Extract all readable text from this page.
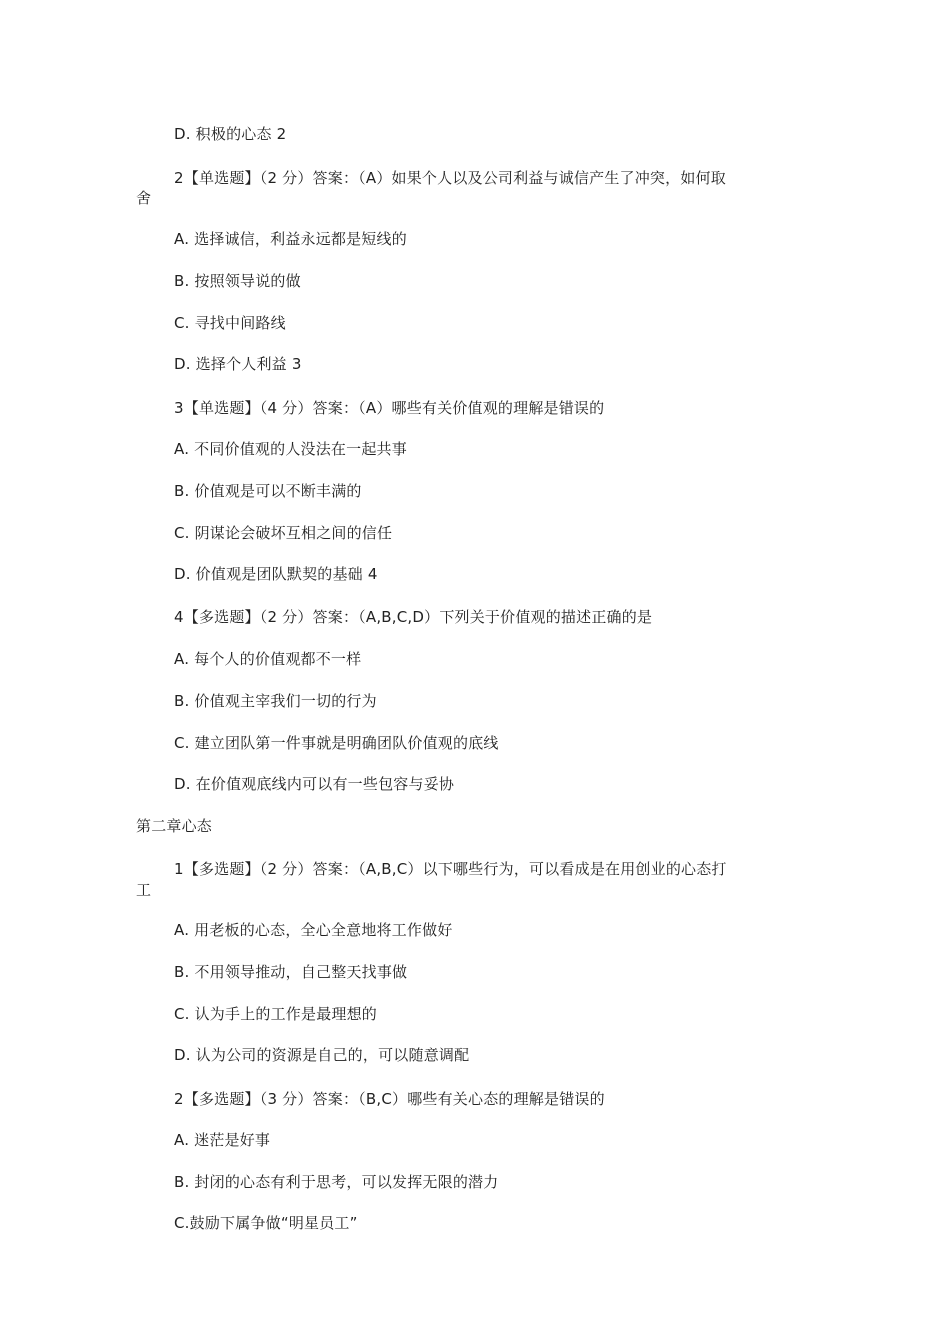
D. 积极的心态 2
2【单选题】（2 分）答案：（A）如果个人以及公司利益与诚信产生了冲突，如何取
舍
A. 选择诚信，利益永远都是短线的
B. 按照领导说的做
C. 寻找中间路线
D. 选择个人利益 3
3【单选题】（4 分）答案：（A）哪些有关价值观的理解是错误的
A. 不同价值观的人没法在一起共事
B. 价值观是可以不断丰满的
C. 阴谋论会破坏互相之间的信任
D. 价值观是团队默契的基础 4
4【多选题】（2 分）答案：（A,B,C,D）下列关于价值观的描述正确的是
A. 每个人的价值观都不一样
B. 价值观主宰我们一切的行为
C. 建立团队第一件事就是明确团队价值观的底线
D. 在价值观底线内可以有一些包容与妥协
第二章心态
1【多选题】（2 分）答案：（A,B,C）以下哪些行为，可以看成是在用创业的心态打
工
A. 用老板的心态，全心全意地将工作做好
B. 不用领导推动，自己整天找事做
C. 认为手上的工作是最理想的
D. 认为公司的资源是自己的，可以随意调配
2【多选题】（3 分）答案：（B,C）哪些有关心态的理解是错误的
A. 迷茫是好事
B. 封闭的心态有利于思考，可以发挥无限的潜力
C.鼓励下属争做“明星员工”
